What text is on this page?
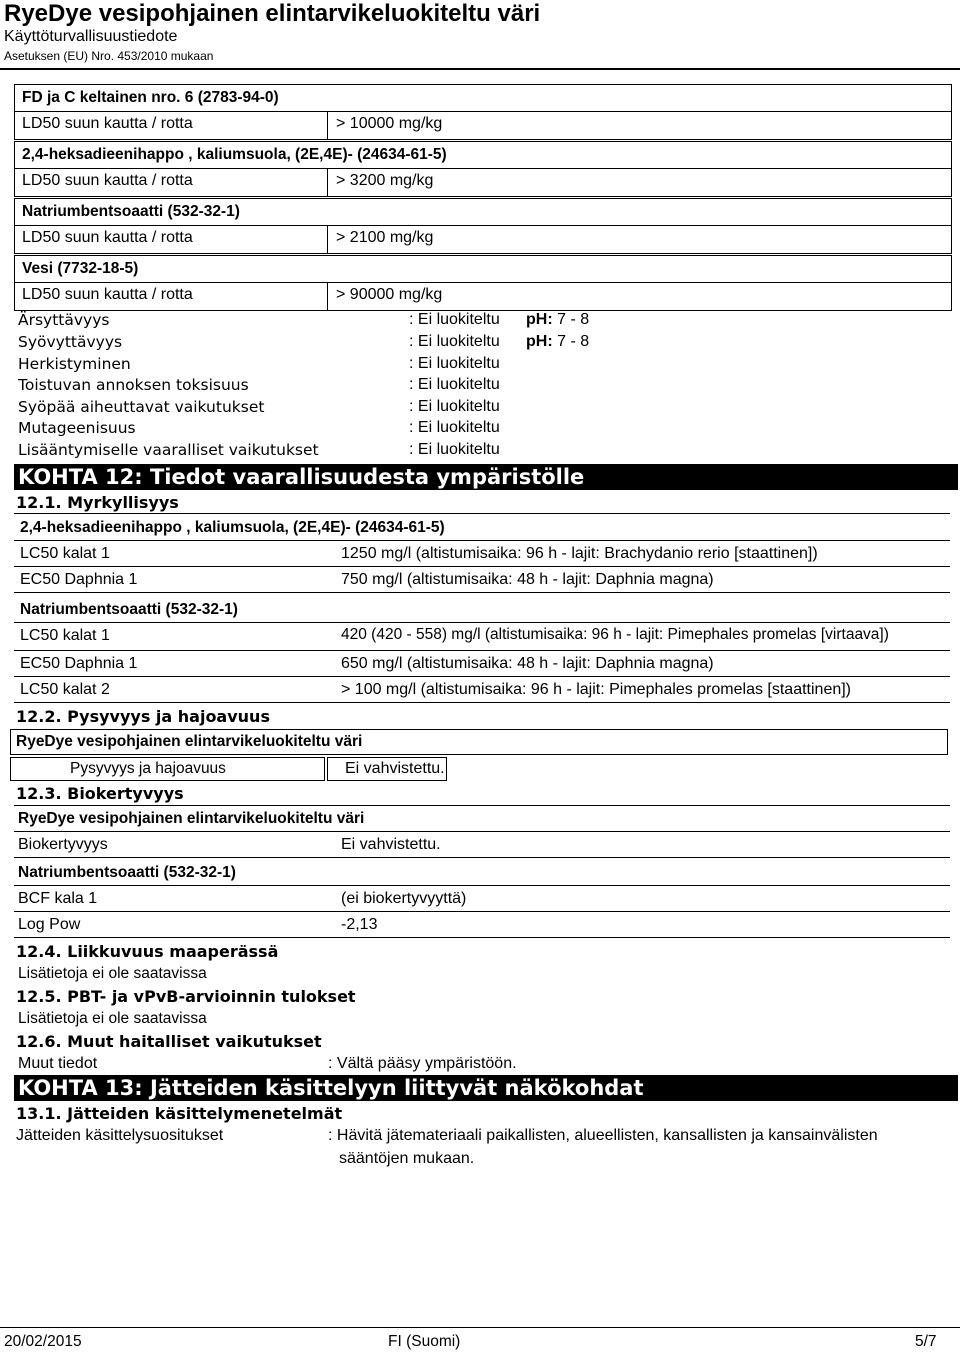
RyeDye vesipohjainen elintarvikeluokiteltu väri
Käyttöturvallisuustiedote
Asetuksen (EU) Nro. 453/2010 mukaan
FD ja C keltainen nro. 6 (2783-94-0)
LD50 suun kautta / rotta	> 10000 mg/kg
2,4-heksadieenihappo , kaliumsuola, (2E,4E)- (24634-61-5)
LD50 suun kautta / rotta	> 3200 mg/kg
Natriumbentsoaatti (532-32-1)
LD50 suun kautta / rotta	> 2100 mg/kg
Vesi (7732-18-5)
LD50 suun kautta / rotta	> 90000 mg/kg
Ärsyttävyys	: Ei luokiteltu pH: 7 - 8
Syövyttävyys	: Ei luokiteltu pH: 7 - 8
Herkistyminen	: Ei luokiteltu
Toistuvan annoksen toksisuus	: Ei luokiteltu
Syöpää aiheuttavat vaikutukset	: Ei luokiteltu
Mutageenisuus	: Ei luokiteltu
Lisääntymiselle vaaralliset vaikutukset	: Ei luokiteltu
KOHTA 12: Tiedot vaarallisuudesta ympäristölle
12.1. Myrkyllisyys
2,4-heksadieenihappo , kaliumsuola, (2E,4E)- (24634-61-5)
LC50 kalat 1	1250 mg/l (altistumisaika: 96 h - lajit: Brachydanio rerio [staattinen])
EC50 Daphnia 1	750 mg/l (altistumisaika: 48 h - lajit: Daphnia magna)
Natriumbentsoaatti (532-32-1)
LC50 kalat 1	420 (420 - 558) mg/l (altistumisaika: 96 h - lajit: Pimephales promelas [virtaava])
EC50 Daphnia 1	650 mg/l (altistumisaika: 48 h - lajit: Daphnia magna)
LC50 kalat 2	> 100 mg/l (altistumisaika: 96 h - lajit: Pimephales promelas [staattinen])
12.2. Pysyvyys ja hajoavuus
RyeDye vesipohjainen elintarvikeluokiteltu väri
Pysyvyys ja hajoavuus	Ei vahvistettu.
12.3. Biokertyvyys
RyeDye vesipohjainen elintarvikeluokiteltu väri
Biokertyvyys	Ei vahvistettu.
Natriumbentsoaatti (532-32-1)
BCF kala 1	(ei biokertyvyyttä)
Log Pow	-2,13
12.4. Liikkuvuus maaperässä
Lisätietoja ei ole saatavissa
12.5. PBT- ja vPvB-arvioinnin tulokset
Lisätietoja ei ole saatavissa
12.6. Muut haitalliset vaikutukset
Muut tiedot	: Vältä pääsy ympäristöön.
KOHTA 13: Jätteiden käsittelyyn liittyvät näkökohdat
13.1. Jätteiden käsittelymenetelmät
Jätteiden käsittelysuositukset	: Hävitä jätemateriaali paikallisten, alueellisten, kansallisten ja kansainvälisten
sääntöjen mukaan.
20/02/2015	FI (Suomi)	5/7
